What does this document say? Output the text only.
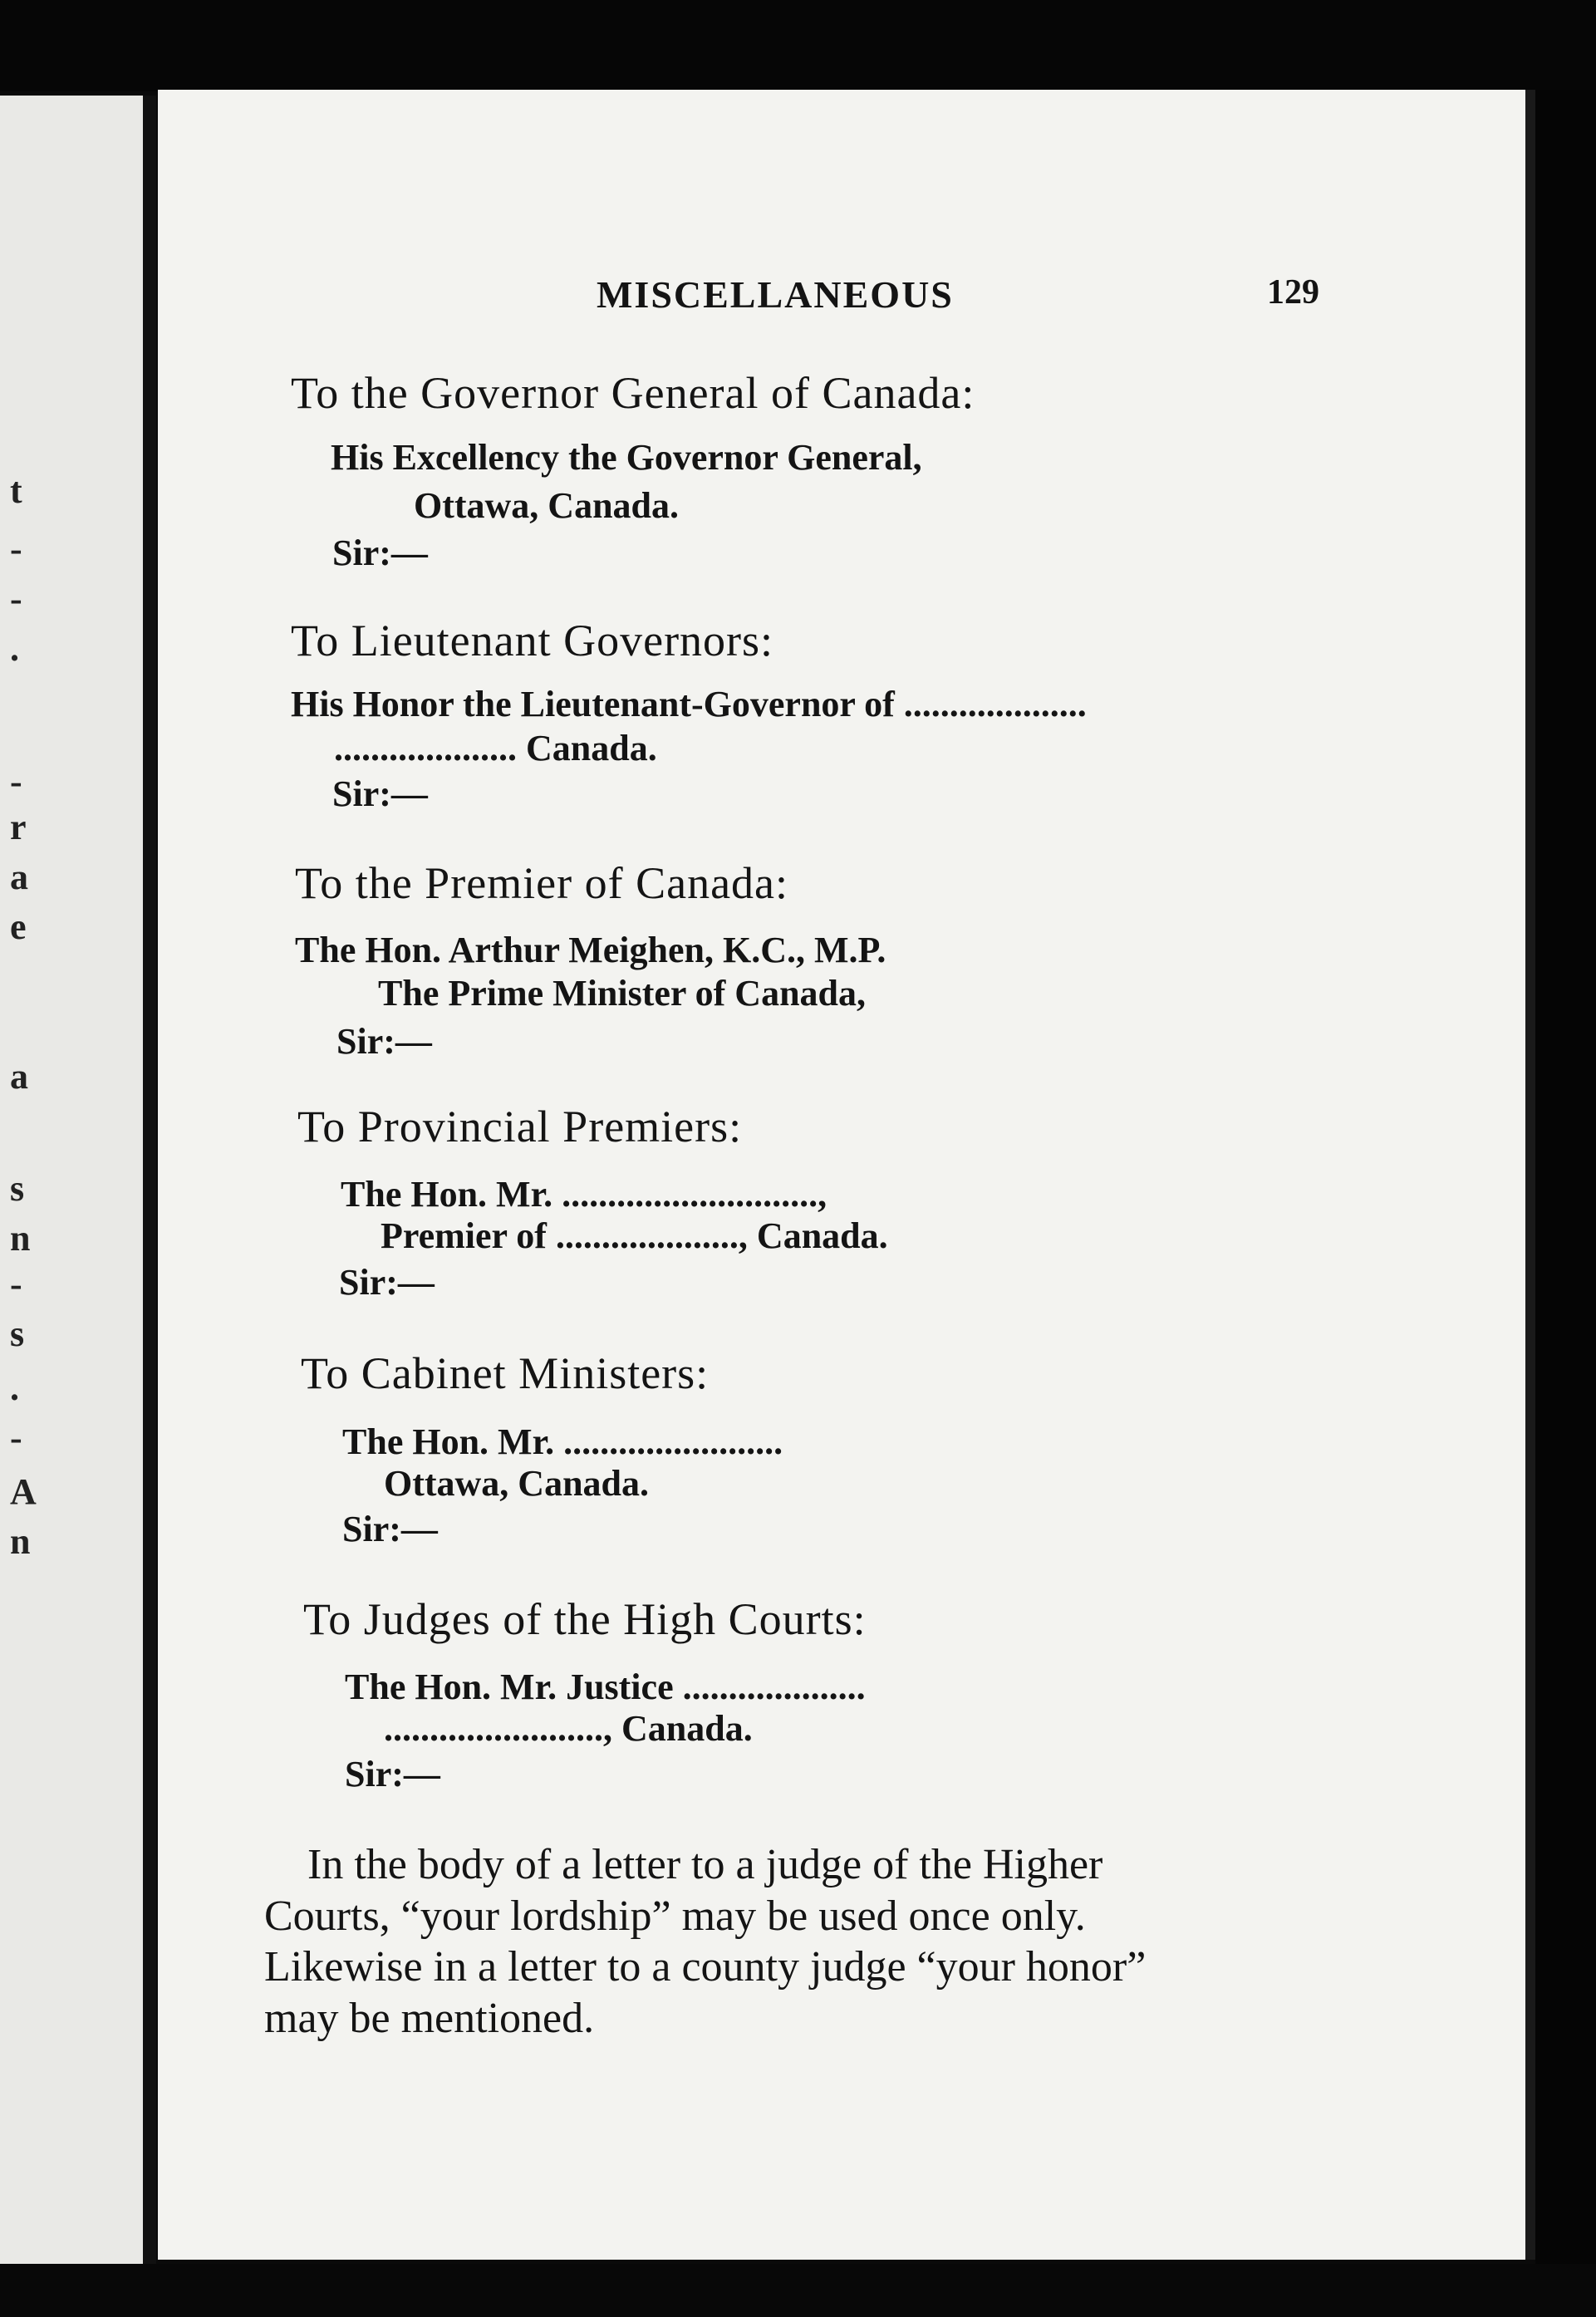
t
-
-
.
-
r
a
e
a
s
n
-
s
.
-
A
n
MISCELLANEOUS	129
To the Governor General of Canada:
His Excellency the Governor General,
Ottawa, Canada.
Sir:—
To Lieutenant Governors:
His Honor the Lieutenant-Governor of ....................
.................... Canada.
Sir:—
To the Premier of Canada:
The Hon. Arthur Meighen, K.C., M.P.
The Prime Minister of Canada,
Sir:—
To Provincial Premiers:
The Hon. Mr. ............................,
Premier of ...................., Canada.
Sir:—
To Cabinet Ministers:
The Hon. Mr. ........................
Ottawa, Canada.
Sir:—
To Judges of the High Courts:
The Hon. Mr. Justice ....................
........................, Canada.
Sir:—
In the body of a letter to a judge of the Higher
Courts, “your lordship” may be used once only.
Likewise in a letter to a county judge “your honor”
may be mentioned.
